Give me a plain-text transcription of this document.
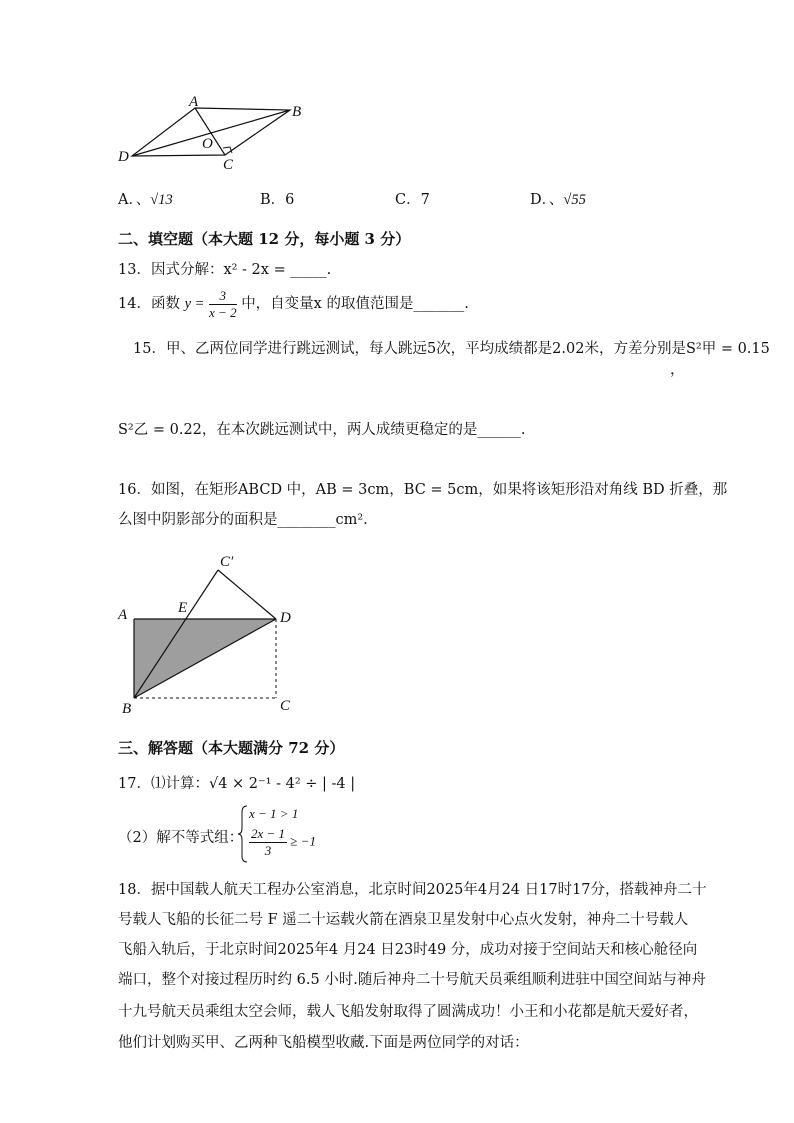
A
B
C
D
O
A．、√13	B．6	C．7	D．、√55
二、填空题（本大题 12 分，每小题 3 分）
13．因式分解：x² - 2x = _____.
14．函数 $y = \frac{3}{x - 2}$ 中，自变量x 的取值范围是_______.
15．甲、乙两位同学进行跳远测试，每人跳远5次，平均成绩都是2.02米，方差分别是S²甲 = 0.15
，
S²乙 = 0.22，在本次跳远测试中，两人成绩更稳定的是______.
16．如图，在矩形ABCD 中，AB = 3cm，BC = 5cm，如果将该矩形沿对角线 BD 折叠，那
么图中阴影部分的面积是________cm².
A	E
C′
D
B	C
三、解答题（本大题满分 72 分）
17．⑴计算：√4 × 2⁻¹ - 4² ÷ | -4 |
（2）解不等式组：
x − 1 > 1
$\frac{2x - 1}{3} \ge -1$
18．据中国载人航天工程办公室消息，北京时间2025年4月24 日17时17分，搭载神舟二十
号载人飞船的长征二号 F 遥二十运载火箭在酒泉卫星发射中心点火发射，神舟二十号载人
飞船入轨后，于北京时间2025年4 月24 日23时49 分，成功对接于空间站天和核心舱径向
端口，整个对接过程历时约 6.5 小时.随后神舟二十号航天员乘组顺利进驻中国空间站与神舟
十九号航天员乘组太空会师，载人飞船发射取得了圆满成功！小王和小花都是航天爱好者，
他们计划购买甲、乙两种飞船模型收藏.下面是两位同学的对话：
